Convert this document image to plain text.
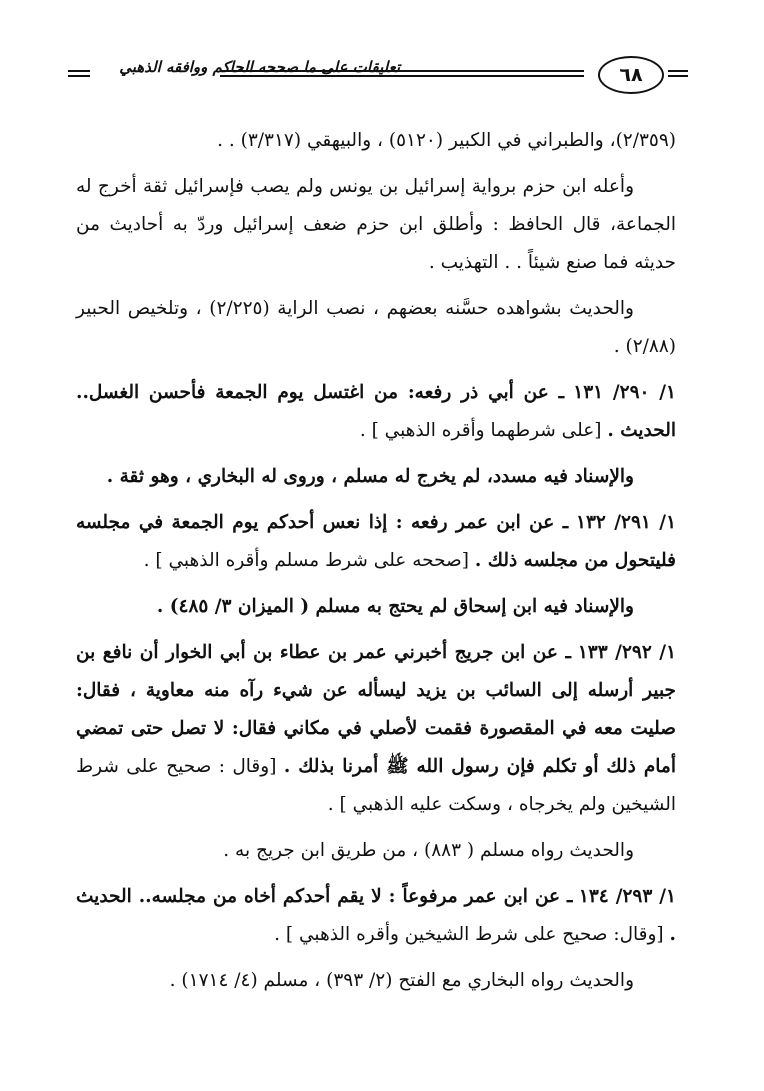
تعليقات على ما صححه الحاكم ووافقه الذهبي	٦٨

(٢/٣٥٩)، والطبراني في الكبير (٥١٢٠) ، والبيهقي (٣/٣١٧) . .

وأعله ابن حزم برواية إسرائيل بن يونس ولم يصب فإسرائيل ثقة أخرج له الجماعة، قال الحافظ : وأطلق ابن حزم ضعف إسرائيل وردّ به أحاديث من حديثه فما صنع شيئاً . . التهذيب .

والحديث بشواهده حسَّنه بعضهم ، نصب الراية (٢/٢٢٥) ، وتلخيص الحبير (٢/٨٨) .

١/ ٢٩٠/ ١٣١ ـ عن أبي ذر رفعه: من اغتسل يوم الجمعة فأحسن الغسل.. الحديث . [على شرطهما وأقره الذهبي ] .

والإسناد فيه مسدد، لم يخرج له مسلم ، وروى له البخاري ، وهو ثقة .

١/ ٢٩١/ ١٣٢ ـ عن ابن عمر رفعه : إذا نعس أحدكم يوم الجمعة في مجلسه فليتحول من مجلسه ذلك . [صححه على شرط مسلم وأقره الذهبي ] .

والإسناد فيه ابن إسحاق لم يحتج به مسلم ( الميزان ٣/ ٤٨٥) .

١/ ٢٩٢/ ١٣٣ ـ عن ابن جريج أخبرني عمر بن عطاء بن أبي الخوار أن نافع بن جبير أرسله إلى السائب بن يزيد ليسأله عن شيء رآه منه معاوية ، فقال: صليت معه في المقصورة فقمت لأصلي في مكاني فقال: لا تصل حتى تمضي أمام ذلك أو تكلم فإن رسول الله ﷺ أمرنا بذلك . [وقال : صحيح على شرط الشيخين ولم يخرجاه ، وسكت عليه الذهبي ] .

والحديث رواه مسلم ( ٨٨٣) ، من طريق ابن جريج به .

١/ ٢٩٣/ ١٣٤ ـ عن ابن عمر مرفوعاً : لا يقم أحدكم أخاه من مجلسه.. الحديث . [وقال: صحيح على شرط الشيخين وأقره الذهبي ] .

والحديث رواه البخاري مع الفتح (٢/ ٣٩٣) ، مسلم (٤/ ١٧١٤) .
